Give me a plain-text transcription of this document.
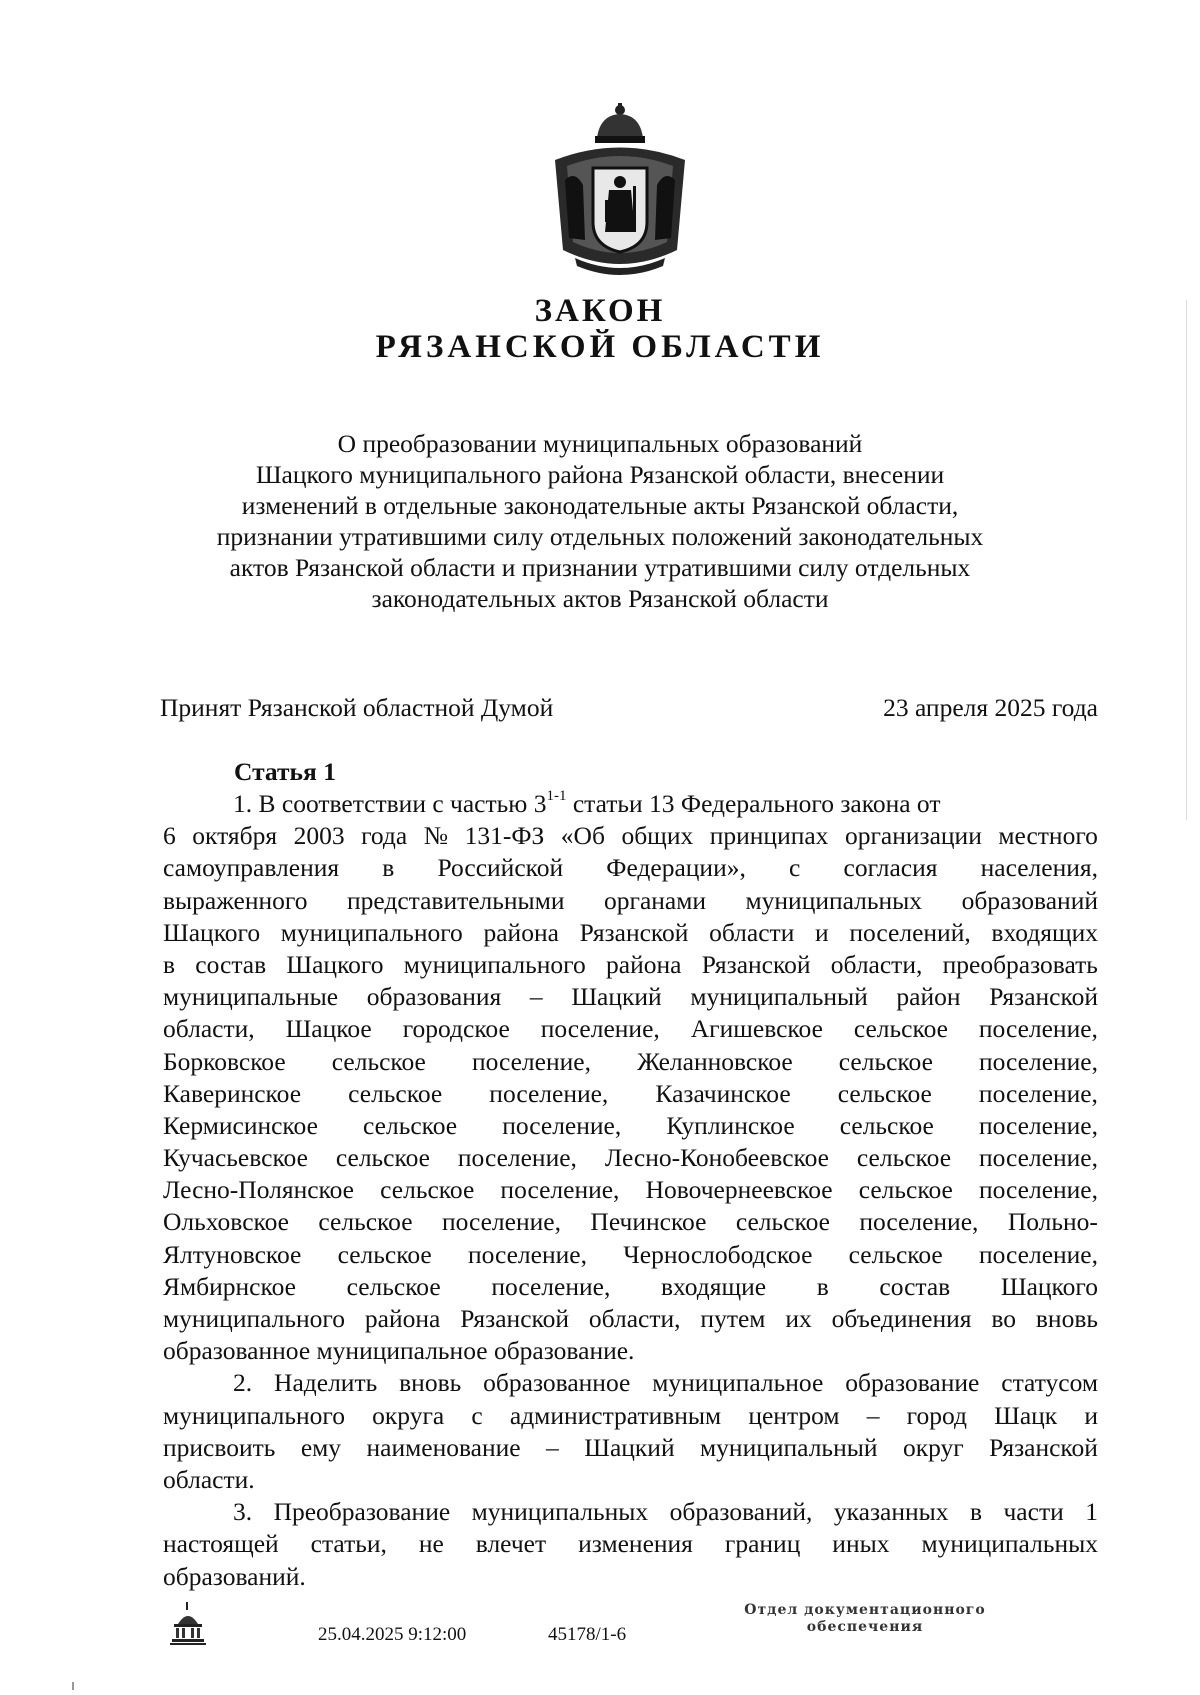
ЗАКОН
РЯЗАНСКОЙ ОБЛАСТИ
О преобразовании муниципальных образований
Шацкого муниципального района Рязанской области, внесении
изменений в отдельные законодательные акты Рязанской области,
признании утратившими силу отдельных положений законодательных
актов Рязанской области и признании утратившими силу отдельных
законодательных актов Рязанской области
Принят Рязанской областной Думой	23 апреля 2025 года
Статья 1
1. В соответствии с частью 3$^{1-1}$ статьи 13 Федерального закона от
6 октября 2003 года № 131-ФЗ «Об общих принципах организации местного
самоуправления в Российской Федерации», с согласия населения,
выраженного представительными органами муниципальных образований
Шацкого муниципального района Рязанской области и поселений, входящих
в состав Шацкого муниципального района Рязанской области, преобразовать
муниципальные образования – Шацкий муниципальный район Рязанской
области, Шацкое городское поселение, Агишевское сельское поселение,
Борковское сельское поселение, Желанновское сельское поселение,
Каверинское сельское поселение, Казачинское сельское поселение,
Кермисинское сельское поселение, Куплинское сельское поселение,
Кучасьевское сельское поселение, Лесно-Конобеевское сельское поселение,
Лесно-Полянское сельское поселение, Новочернеевское сельское поселение,
Ольховское сельское поселение, Печинское сельское поселение, Польно-
Ялтуновское сельское поселение, Чернослободское сельское поселение,
Ямбирнское сельское поселение, входящие в состав Шацкого
муниципального района Рязанской области, путем их объединения во вновь
образованное муниципальное образование.
2. Наделить вновь образованное муниципальное образование статусом
муниципального округа с административным центром – город Шацк и
присвоить ему наименование – Шацкий муниципальный округ Рязанской
области.
3. Преобразование муниципальных образований, указанных в части 1
настоящей статьи, не влечет изменения границ иных муниципальных
образований.
25.04.2025 9:12:00	45178/1-6
Отдел документационного
обеспечения
